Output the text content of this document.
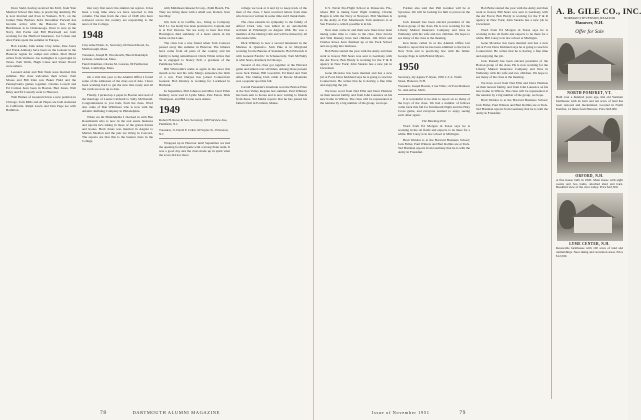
Dave Stahl, having received his M.D. from Yale Medical School this June, is practicing dentistry. He is now married and lives in Yonkers, N.Y., on the former Nina Barbara Judd. December Farwell has become active with the Hanover Inn. Frank Hutchinson is in Chattanooga. Dave is now in the Navy. Jim Pacha and Bill Blackwell are both working for the Hartford Insurance. Joe Cohen and Alex Parks spent the summer in Europe.

Bob Landis, John Adair, Clay Atlee, Pete Jones and Frank Anthony have been on the lookout in the Hanover region for camps and cabins. Mort Mead writes from Vermont. Joe Gallagher is a geologist in Texas. Tom Wells, Hugh Crane and Stuart Dowd were ushers.

Leonard Adair and Bob Nash were married this summer. The class welcomes their wives. Tom Moses and Bill Zinn saw Baker Field and the Pennsylvania games together. Charles Lowell and Ed Carlson have been in Boston. Bud Jones, Walt Riley and Ed Cassady went to Hanover.

Walt Haines of Greenwich has a new position in Chicago. Tom Mills and Al Hayes are both stationed in California. Ralph Lewis and Dan Page are with Hamilton.

Our very first news: the alumni can rejoice. It has been a long time since we have reported to this column. The men from the class of 1948 who have scattered across the country are responding to the news of the College.

1948

Clay Atlee Eiden, Jr., Secretary, 60 Newell Road, So. Marlborough, Mass.

Treasurer, Joseph H. Woodworth, Harold Randolph Jackson, Glenbrook, Mass.

Fund Chairman, Charles M. Lazarus, 99 Pemberton Street, Cambridge, Mass.

On a visit this year to the Alumni Office I found some of the addresses of the class out of date. I have been working hard to get the new lists ready and all the cards are now up to date.

Finally, I picked up a paper in Boston and read of the marriage of Laurie Caldwell to Sally McDonald. Congratulations to you both, from the class. Word also came of Dan Whitmore who is now with the Atlantic Refining Company in Philadelphia.

When we hit Philadelphia I checked in with Ben Rosenbaum who is now in the real estate business and reports he's taking in more of the gotten hawks and hooks. Herb Jones was married in August to Marian Sheldon and the pair are living in Concord. The reports are that this is the busiest class in the College.

with Middlesex Research Corp., Palm Beach, Fla. They are living there with a small son, Robert, born last May.

Jim Jack is in Griffin, Ga., living as Company M.P. Lt. Joe Kelly has been promoted to Captain and is at Fort Devens. We are sorry to hear that Don Harrington died suddenly of a heart attack in his home on the Lake.

The class lost a true friend when Tom Connors passed away this summer in Hanover. The tributes have come from all parts of the country and his family is being remembered. Chick White writes that he is engaged to Nancy Fell, a graduate of the Pembroke School.

Bill Whitcomb's name is again in the news this month as he and his wife Margo announce the birth of a son. Fred Duryea has joined Connecticut General. Bob Kinsley is working for Lockheed in Burbank.

In September, Phil Johnson and Miss Carol Ellen Rumery were wed in Lyme Mass. Pete Eaton, Dick Thompson, and Bill Crane were ushers.

1949

Robert H. Rowe & Son, Secretary, 108 Fairview Ave, Plainfield, N.J.

Treasurer, Jr. David P. Crabb, 90 Sayles St., Princeton, N.J.

Wrapped up in Hanover until September we had the opening football game with a strong Penn team. It was a good day and the class made up in spirit what the score did not show.

college we look at it and try to keep track of the men of the class. I have received letters from men who have not written in some time and I thank them.

The class extends its sympathy to the family of Alfred Clark who was killed in an automobile accident in Pittsburgh on August 18th. He was a member of the Outing Club and will be missed by all who knew him.

Dick Whitney is now a second lieutenant in the Marines at Quantico. Sam Pike is in Maryland working for the Bureau of Standards. Bob Edwards is with General Electric in Schenectady. Tom McNulty is with Sears, Roebuck in Chicago.

Several of the class got together at the Harvard game and talked over old times. Among those present were Jack Parker, Bill Goodrich, Ed Rand and Tom Allen. The Outing Club cabin at Moose Mountain was a popular spot this fall.

Carroll Fenander's Interlude won the Bolton Prize at the Sun Valley Regatta last summer. Paul Whitney has been sent to Korea and is now writing to friends from there. Sid Marks reports that he has joined his father's firm in Portland, Maine.

78	DARTMOUTH ALUMNI MAGAZINE

U.S. Naval Pre-Flight School at Pensacola, Fla., where Bill is taking basic flight training. Charlie Hagen is with the Navy at Newport. Phil Sherman is in the Army at Fort Monmouth. Tom Andrews is at San Francisco, which possible is in his.

New men come in and their new lines have been taking some time to come to the class. Don Jacobs and Walt Ranney have had children. Jim Ward and Charles Rowe have finished up at the Tuck School and are going into business.

Bob Bolte started the year with the Army and then went to Korea; Bill Sears was sent to Germany with the Air Force; Bob Hardy is working for the Y & R agency in New York; John Stearns has a new job in Cleveland.

Gene McAdoo has been married and has a new job at Ford. Dave Kirkland says he is going to teach in Connecticut. He writes that he is having a fine time and enjoying the job.

We have word from Ned Ellis and Dave Harmon on their newest family, and from John Laurence on his new home in Wilton. The class will be represented at the reunion by a big number of the group, we hope.

Former also said that Phil Gardner will be at Syracuse. We will be looking for him to join us in the spring.

Jack Russell has been elected president of the Boston group of the class. He is now working for the Liberty Mutual Insurance Company and lives in Wellesley with his wife and two children. We hope to see many of the class at the meeting.

Ken Reiss called in at the Alumni Office last month to report that he has been admitted to the bar in New York and is practicing law with his father. George Page is with Bristol Myers.

1950

Secretary, Jay Agnew F. Ryan, 1950 C.C.L. Wolfe Street, Hanover, N.H.

Treasurer, Joseph Boston, 2 rue Villoc, 22 East Madison St., Ann Arbor, Mich.

It is wonderful to be able to report on so many of the boys of the class. We had a number of fellows come back this fall for Dartmouth Night and the Holy Cross game, and everyone seemed to enjoy seeing each other again.

The Blocking Post

Word from Ed Morgan in Texas says he is working in the oil fields and expects to be there for a while. Bill Carey is in law school at Michigan.

Brad Weldon is at the Harvard Business School; Jack Fuller, Paul Winters and Bert Rollins are at Tuck. Ted Hartman reports from Germany that he is with the Army in Frankfurt.

Bob Bolte started the year with the Army and then went to Korea; Bill Sears was sent to Germany with the Air Force; Bob Hardy is working for the Y & R agency in New York; John Stearns has a new job in Cleveland.

Word from Ed Morgan in Texas says he is working in the oil fields and expects to be there for a while. Bill Carey is in law school at Michigan.

Gene McAdoo has been married and has a new job at Ford. Dave Kirkland says he is going to teach in Connecticut. He writes that he is having a fine time and enjoying the job.

Jack Russell has been elected president of the Boston group of the class. He is now working for the Liberty Mutual Insurance Company and lives in Wellesley with his wife and two children. We hope to see many of the class at the meeting.

We have word from Ned Ellis and Dave Harmon on their newest family, and from John Laurence on his new home in Wilton. The class will be represented at the reunion by a big number of the group, we hope.

Brad Weldon is at the Harvard Business School; Jack Fuller, Paul Winters and Bert Rollins are at Tuck. Ted Hartman reports from Germany that he is with the Army in Frankfurt.

Issue of November 1951	79
A. B. GILE CO., INC.
NORMAN STEVENSON, REALTOR
Hanover, N.H.
Offer for Sale
NORTH POMFRET, VT.
Built over a hundred years ago, this old Vermont farmhouse with its barn and ten acres of land has been restored and modernized. Located in North Pomfret, 12 miles from Hanover. Price $18,000.
ORFORD, N.H.
A fine house built in 1800. Main house with eight rooms and two baths, attached shed and barn. Beautiful view of the river valley. Price $22,500.
LYME CENTER, N.H.
Restorable farmhouse with 100 acres of land and outbuildings. Near skiing and recreation areas. Price $12,500.
